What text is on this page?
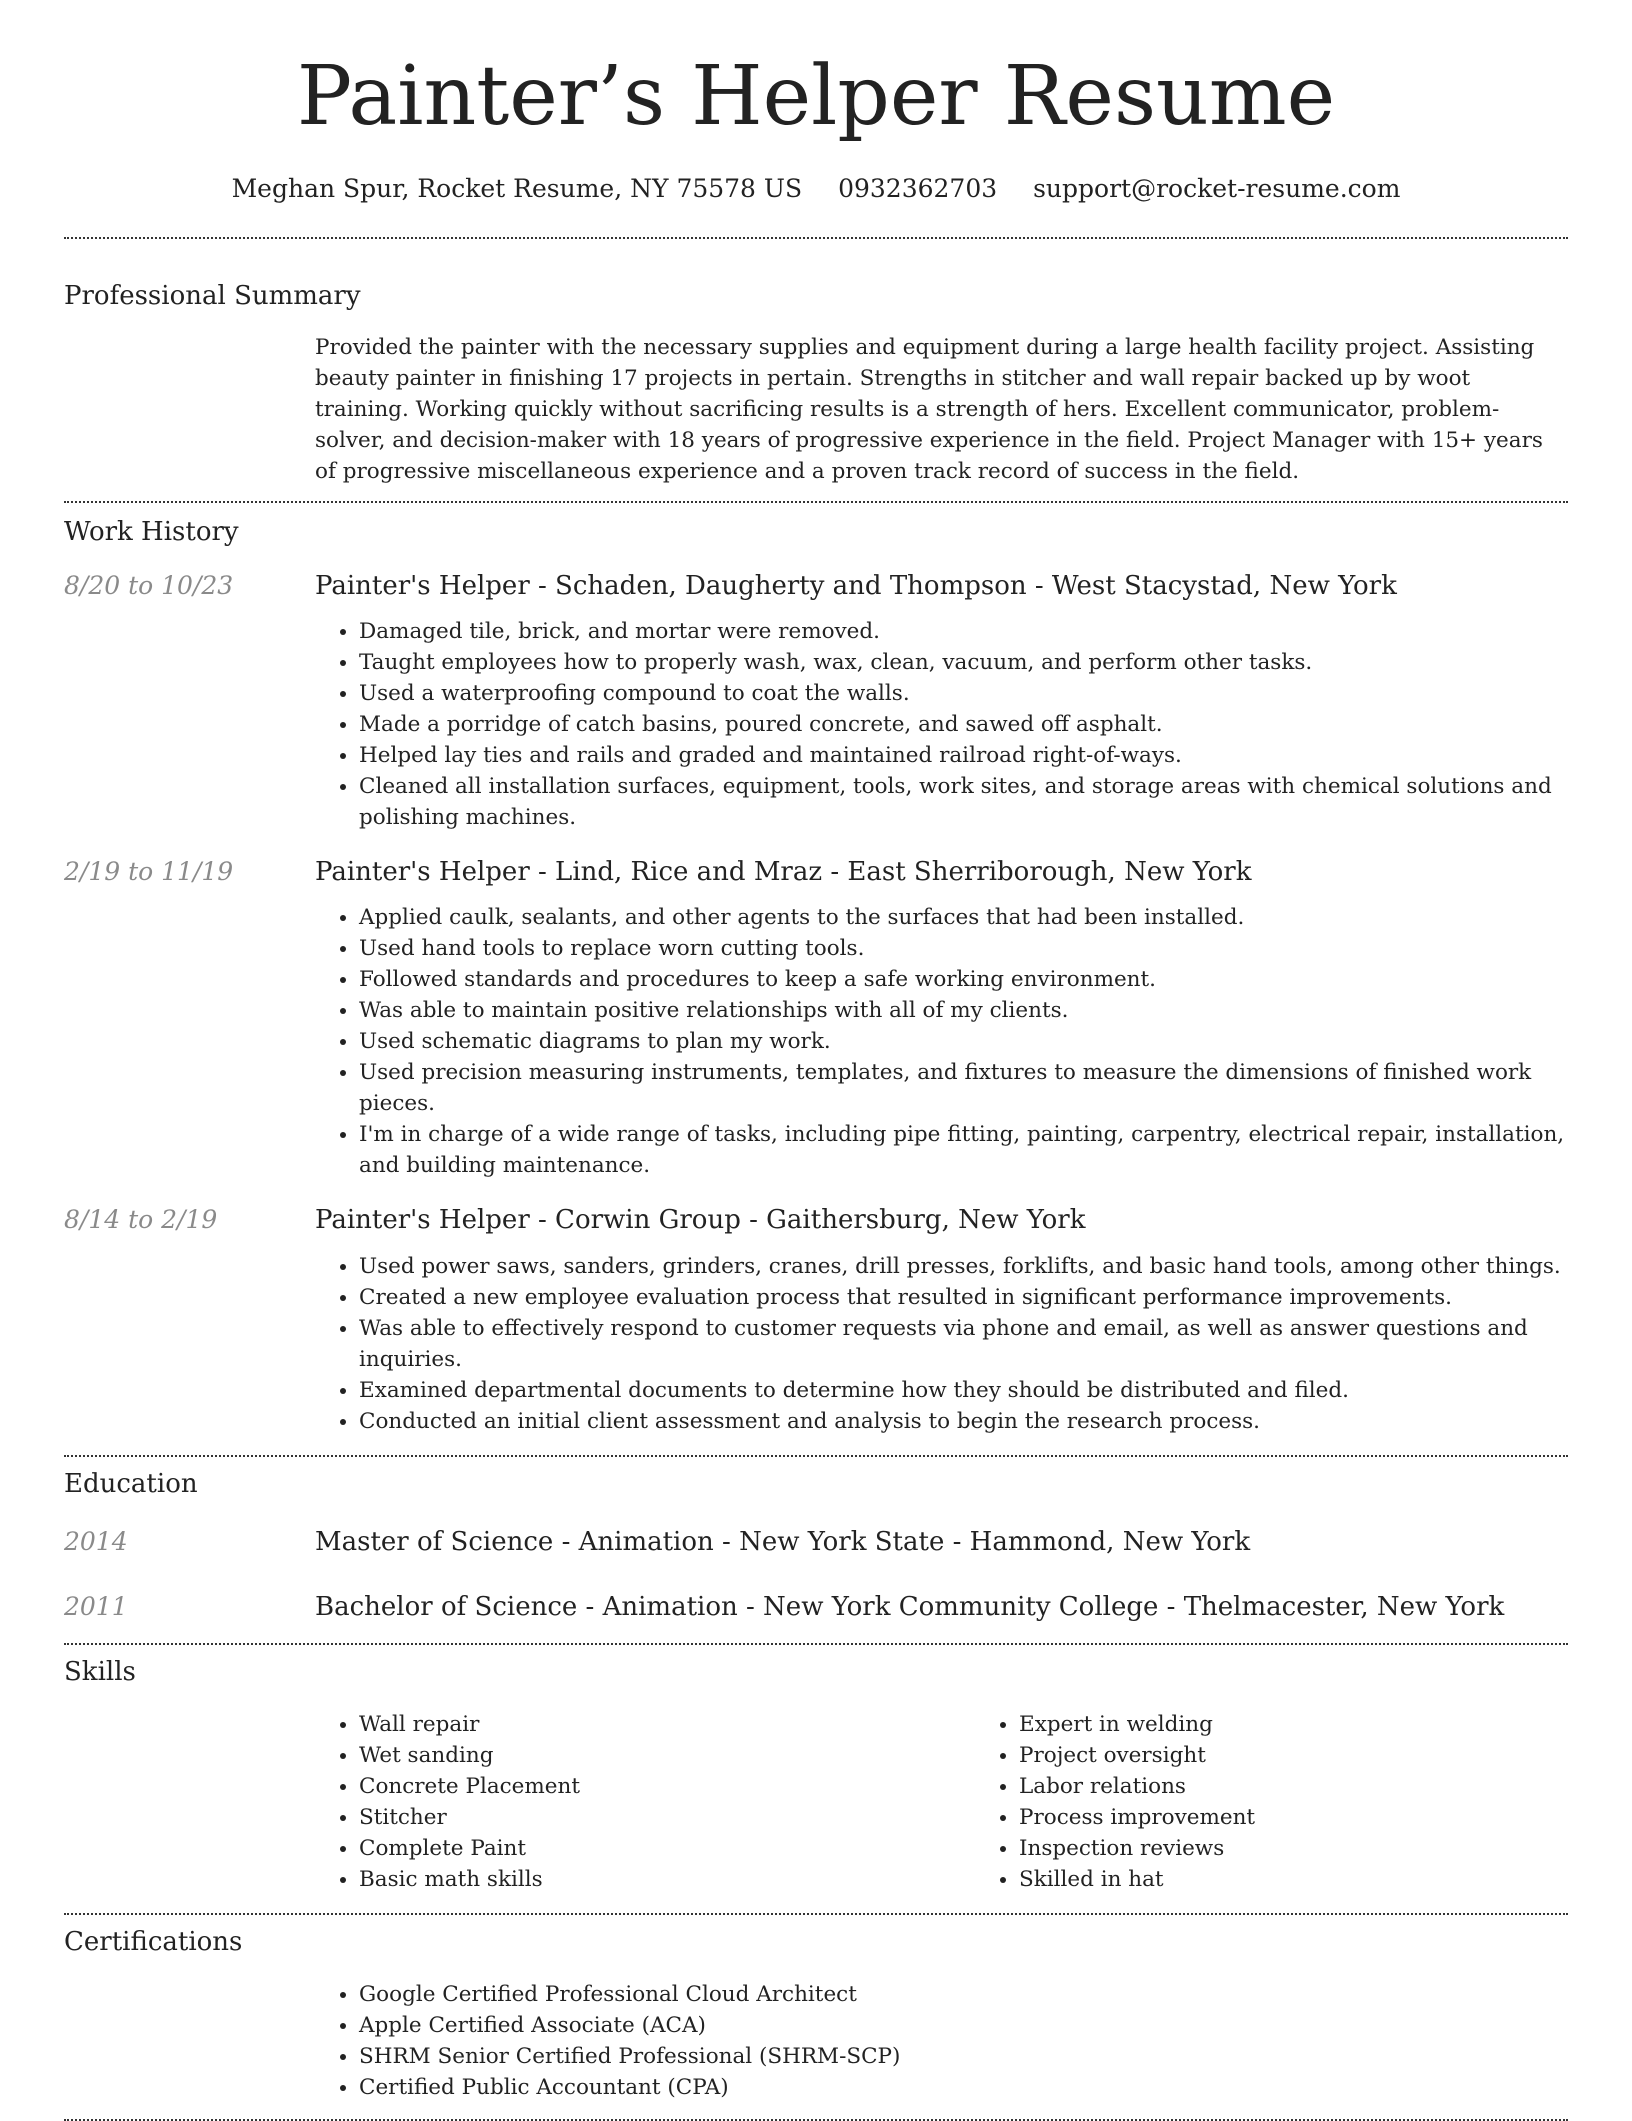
Painter’s Helper Resume
Meghan Spur, Rocket Resume, NY 75578 US 0932362703 support@rocket-resume.com
Professional Summary

Provided the painter with the necessary supplies and equipment during a large health facility project. Assisting beauty painter in finishing 17 projects in pertain. Strengths in stitcher and wall repair backed up by woot training. Working quickly without sacrificing results is a strength of hers. Excellent communicator, problem-solver, and decision-maker with 18 years of progressive experience in the field. Project Manager with 15+ years of progressive miscellaneous experience and a proven track record of success in the field.

Work History
8/20 to 10/23	Painter's Helper - Schaden, Daugherty and Thompson - West Stacystad, New York
• Damaged tile, brick, and mortar were removed.
• Taught employees how to properly wash, wax, clean, vacuum, and perform other tasks.
• Used a waterproofing compound to coat the walls.
• Made a porridge of catch basins, poured concrete, and sawed off asphalt.
• Helped lay ties and rails and graded and maintained railroad right-of-ways.
• Cleaned all installation surfaces, equipment, tools, work sites, and storage areas with chemical solutions and polishing machines.
2/19 to 11/19	Painter's Helper - Lind, Rice and Mraz - East Sherriborough, New York
• Applied caulk, sealants, and other agents to the surfaces that had been installed.
• Used hand tools to replace worn cutting tools.
• Followed standards and procedures to keep a safe working environment.
• Was able to maintain positive relationships with all of my clients.
• Used schematic diagrams to plan my work.
• Used precision measuring instruments, templates, and fixtures to measure the dimensions of finished work pieces.
• I'm in charge of a wide range of tasks, including pipe fitting, painting, carpentry, electrical repair, installation, and building maintenance.
8/14 to 2/19	Painter's Helper - Corwin Group - Gaithersburg, New York
• Used power saws, sanders, grinders, cranes, drill presses, forklifts, and basic hand tools, among other things.
• Created a new employee evaluation process that resulted in significant performance improvements.
• Was able to effectively respond to customer requests via phone and email, as well as answer questions and inquiries.
• Examined departmental documents to determine how they should be distributed and filed.
• Conducted an initial client assessment and analysis to begin the research process.
Education
2014	Master of Science - Animation - New York State - Hammond, New York
2011	Bachelor of Science - Animation - New York Community College - Thelmacester, New York
Skills
• Wall repair
• Wet sanding
• Concrete Placement
• Stitcher
• Complete Paint
• Basic math skills
• Expert in welding
• Project oversight
• Labor relations
• Process improvement
• Inspection reviews
• Skilled in hat
Certifications
• Google Certified Professional Cloud Architect
• Apple Certified Associate (ACA)
• SHRM Senior Certified Professional (SHRM-SCP)
• Certified Public Accountant (CPA)
